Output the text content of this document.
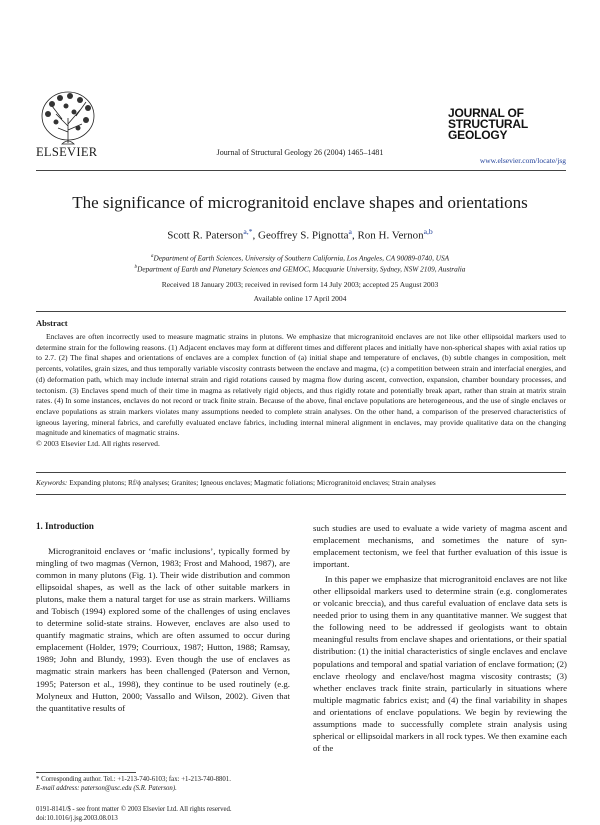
ELSEVIER	Journal of Structural Geology 26 (2004) 1465–1481
JOURNAL OF
STRUCTURAL
GEOLOGY
www.elsevier.com/locate/jsg
The significance of microgranitoid enclave shapes and orientations
Scott R. Paterson$^{a,*}$, Geoffrey S. Pignotta$^a$, Ron H. Vernon$^{a,b}$
$^a$Department of Earth Sciences, University of Southern California, Los Angeles, CA 90089-0740, USA
$^b$Department of Earth and Planetary Sciences and GEMOC, Macquarie University, Sydney, NSW 2109, Australia
Received 18 January 2003; received in revised form 14 July 2003; accepted 25 August 2003
Available online 17 April 2004
Abstract

Enclaves are often incorrectly used to measure magmatic strains in plutons. We emphasize that microgranitoid enclaves are not like other ellipsoidal markers used to determine strain for the following reasons. (1) Adjacent enclaves may form at different times and different places and initially have non-spherical shapes with axial ratios up to 2.7. (2) The final shapes and orientations of enclaves are a complex function of (a) initial shape and temperature of enclaves, (b) subtle changes in composition, melt percents, volatiles, grain sizes, and thus temporally variable viscosity contrasts between the enclave and magma, (c) a competition between strain and interfacial energies, and (d) deformation path, which may include internal strain and rigid rotations caused by magma flow during ascent, convection, expansion, chamber boundary processes, and tectonism. (3) Enclaves spend much of their time in magma as relatively rigid objects, and thus rigidly rotate and potentially break apart, rather than strain at matrix strain rates. (4) In some instances, enclaves do not record or track finite strain. Because of the above, final enclave populations are heterogeneous, and the use of single enclaves or enclave populations as strain markers violates many assumptions needed to complete strain analyses. On the other hand, a comparison of the preserved characteristics of igneous layering, mineral fabrics, and carefully evaluated enclave fabrics, including internal mineral alignment in enclaves, may provide qualitative data on the changing magnitude and kinematics of magmatic strains.

© 2003 Elsevier Ltd. All rights reserved.

Keywords: Expanding plutons; Rf/ϕ analyses; Granites; Igneous enclaves; Magmatic foliations; Microgranitoid enclaves; Strain analyses
1. Introduction

Microgranitoid enclaves or ‘mafic inclusions’, typically formed by mingling of two magmas (Vernon, 1983; Frost and Mahood, 1987), are common in many plutons (Fig. 1). Their wide distribution and common ellipsoidal shapes, as well as the lack of other suitable markers in plutons, make them a natural target for use as strain markers. Williams and Tobisch (1994) explored some of the challenges of using enclaves to determine solid-state strains. However, enclaves are also used to quantify magmatic strains, which are often assumed to occur during emplacement (Holder, 1979; Courrioux, 1987; Hutton, 1988; Ramsay, 1989; John and Blundy, 1993). Even though the use of enclaves as magmatic strain markers has been challenged (Paterson and Vernon, 1995; Paterson et al., 1998), they continue to be used routinely (e.g. Molyneux and Hutton, 2000; Vassallo and Wilson, 2002). Given that the quantitative results of

such studies are used to evaluate a wide variety of magma ascent and emplacement mechanisms, and sometimes the nature of syn-emplacement tectonism, we feel that further evaluation of this issue is important.

In this paper we emphasize that microgranitoid enclaves are not like other ellipsoidal markers used to determine strain (e.g. conglomerates or volcanic breccia), and thus careful evaluation of enclave data sets is needed prior to using them in any quantitative manner. We suggest that the following need to be addressed if geologists want to obtain meaningful results from enclave shapes and orientations, or their spatial distribution: (1) the initial characteristics of single enclaves and enclave populations and temporal and spatial variation of enclave formation; (2) enclave rheology and enclave/host magma viscosity contrasts; (3) whether enclaves track finite strain, particularly in situations where multiple magmatic fabrics exist; and (4) the final variability in shapes and orientations of enclave populations. We begin by reviewing the assumptions made to successfully complete strain analysis using spherical or ellipsoidal markers in all rock types. We then examine each of the

* Corresponding author. Tel.: +1-213-740-6103; fax: +1-213-740-8801.
E-mail address: paterson@usc.edu (S.R. Paterson).
0191-8141/$ - see front matter © 2003 Elsevier Ltd. All rights reserved.
doi:10.1016/j.jsg.2003.08.013
